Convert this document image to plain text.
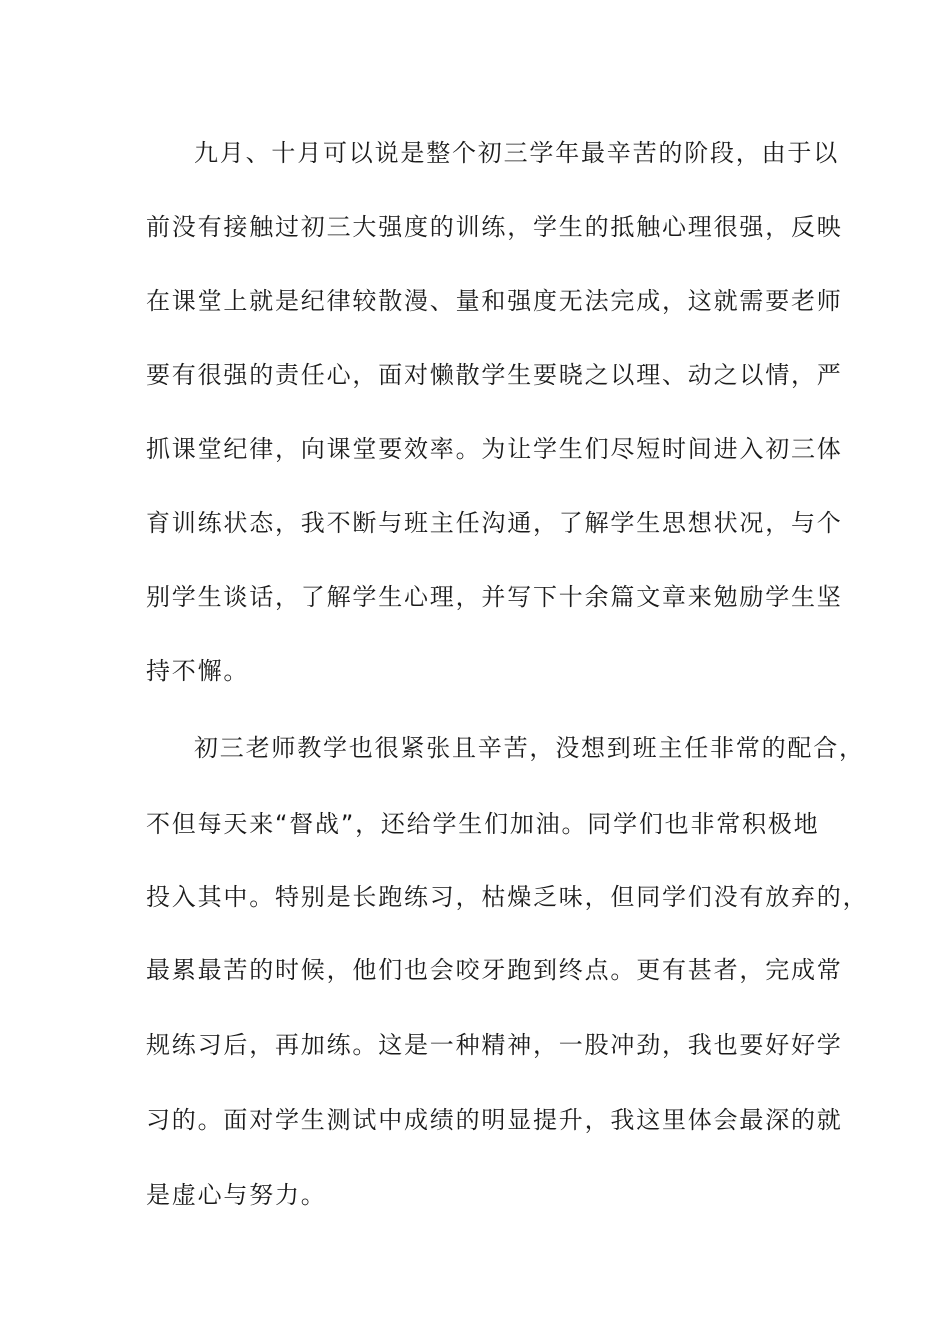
九月、十月可以说是整个初三学年最辛苦的阶段，由于以
前没有接触过初三大强度的训练，学生的抵触心理很强，反映
在课堂上就是纪律较散漫、量和强度无法完成，这就需要老师
要有很强的责任心，面对懒散学生要晓之以理、动之以情，严
抓课堂纪律，向课堂要效率。为让学生们尽短时间进入初三体
育训练状态，我不断与班主任沟通，了解学生思想状况，与个
别学生谈话，了解学生心理，并写下十余篇文章来勉励学生坚
持不懈。
初三老师教学也很紧张且辛苦，没想到班主任非常的配合，
不但每天来“督战”，还给学生们加油。同学们也非常积极地
投入其中。特别是长跑练习，枯燥乏味，但同学们没有放弃的，
最累最苦的时候，他们也会咬牙跑到终点。更有甚者，完成常
规练习后，再加练。这是一种精神，一股冲劲，我也要好好学
习的。面对学生测试中成绩的明显提升，我这里体会最深的就
是虚心与努力。
